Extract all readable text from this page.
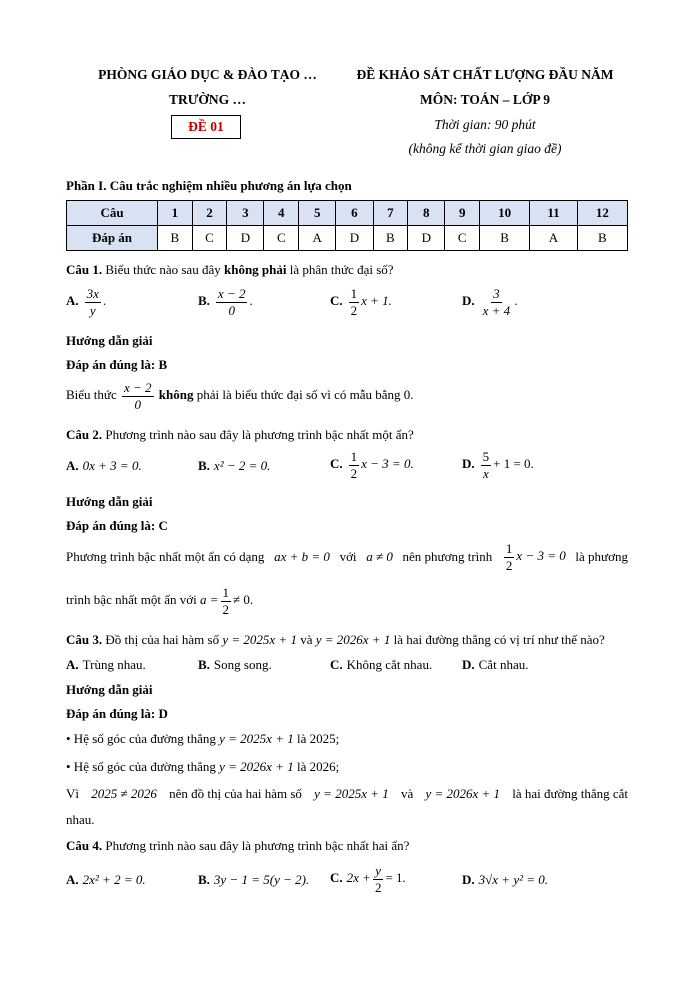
PHÒNG GIÁO DỤC & ĐÀO TẠO …
TRƯỜNG …
ĐỀ 01
ĐỀ KHẢO SÁT CHẤT LƯỢNG ĐẦU NĂM
MÔN: TOÁN – LỚP 9
Thời gian: 90 phút
(không kể thời gian giao đề)
Phần I. Câu trắc nghiệm nhiều phương án lựa chọn
Câu	1	2	3	4	5	6	7	8	9	10	11	12
Đáp án	B	C	D	C	A	D	B	D	C	B	A	B
Câu 1. Biểu thức nào sau đây không phải là phân thức đại số?
A. $\frac{3x}{y}$ .	B. $\frac{x - 2}{0}$ .	C. $\frac{1}{2}$ x + 1.	D. $\frac{3}{x + 4}$ .
Hướng dẫn giải
Đáp án đúng là: B
Biểu thức $\frac{x - 2}{0}$ không phải là biểu thức đại số vì có mẫu bằng 0.
Câu 2. Phương trình nào sau đây là phương trình bậc nhất một ẩn?
A. 0x + 3 = 0.	B. x² − 2 = 0.	C. $\frac{1}{2}$ x − 3 = 0.	D. $\frac{5}{x} + 1 = 0$.
Hướng dẫn giải
Đáp án đúng là: C
Phương trình bậc nhất một ẩn có dạng ax + b = 0 với a ≠ 0 nên phương trình $\frac{1}{2}$ x − 3 = 0 là phương
trình bậc nhất một ẩn với $a = \frac{1}{2} \ne 0$.
Câu 3. Đồ thị của hai hàm số y = 2025x + 1 và y = 2026x + 1 là hai đường thẳng có vị trí như thế nào?
A. Trùng nhau.	B. Song song.	C. Không cắt nhau. D. Cắt nhau.
Hướng dẫn giải
Đáp án đúng là: D
• Hệ số góc của đường thẳng y = 2025x + 1 là 2025;
• Hệ số góc của đường thẳng y = 2026x + 1 là 2026;
Vì 2025 ≠ 2026 nên đồ thị của hai hàm số y = 2025x + 1 và y = 2026x + 1 là hai đường thẳng cắt
nhau.
Câu 4. Phương trình nào sau đây là phương trình bậc nhất hai ẩn?
A. 2x² + 2 = 0.	B. 3y − 1 = 5(y − 2). C. $2x + \frac{y}{2} = 1$.	D. 3√x + y² = 0.
